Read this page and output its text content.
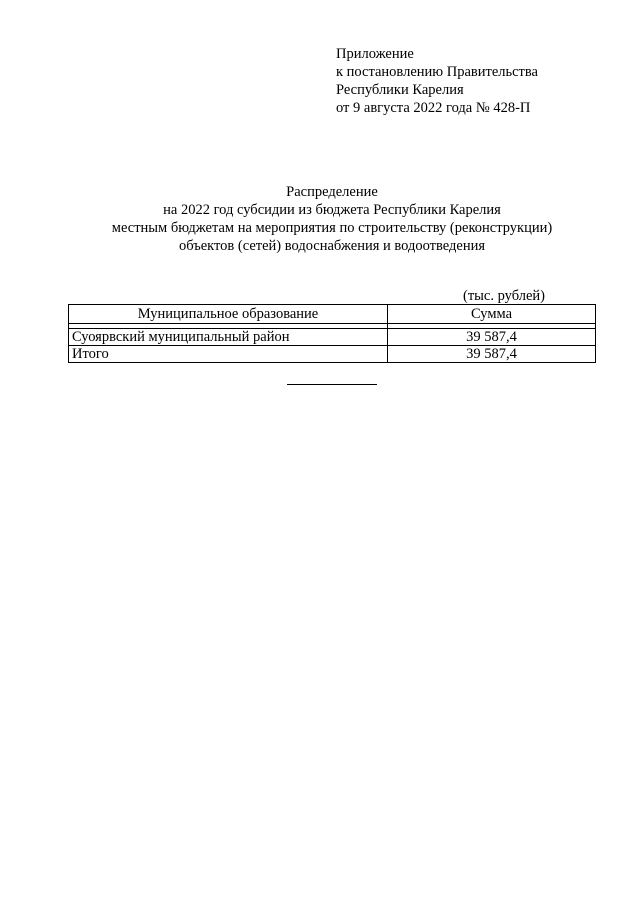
Приложение
к постановлению Правительства
Республики Карелия
от 9 августа 2022 года № 428-П
Распределение
на 2022 год субсидии из бюджета Республики Карелия
местным бюджетам на мероприятия по строительству (реконструкции)
объектов (сетей) водоснабжения и водоотведения
(тыс. рублей)
Муниципальное образование	Сумма

Суоярвский муниципальный район	39 587,4
Итого	39 587,4
